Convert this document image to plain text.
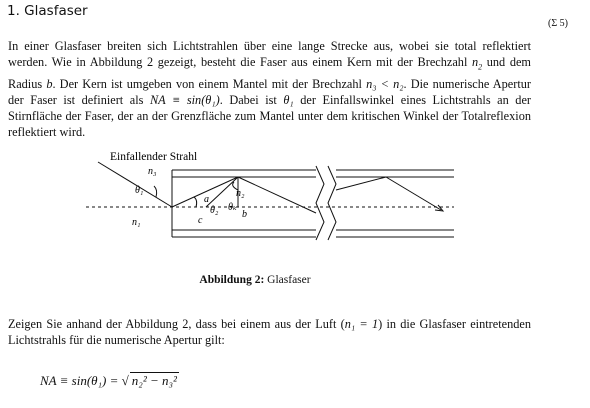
1. Glasfaser
(Σ 5)
In einer Glasfaser breiten sich Lichtstrahlen über eine lange Strecke aus, wobei sie total reflektiert werden. Wie in Abbildung 2 gezeigt, besteht die Faser aus einem Kern mit der Brechzahl $n_2$ und dem Radius b. Der Kern ist umgeben von einem Mantel mit der Brechzahl n₃ < n₂. Die numerische Apertur der Faser ist definiert als NA ≡ sin(θ₁). Dabei ist θ₁ der Einfallswinkel eines Lichtstrahls an der Stirnfläche der Faser, der an der Grenzfläche zum Mantel unter dem kritischen Winkel der Totalreflexion reflektiert wird.
Einfallender Strahl
n₃
n₂
n₁
θ₁
θ₂ θₖ
a
b
c
Abbildung 2: Glasfaser
Zeigen Sie anhand der Abbildung 2, dass bei einem aus der Luft (n₁ = 1) in die Glasfaser eintretenden Lichtstrahls für die numerische Apertur gilt:
NA ≡ sin(θ₁) = √ n₂² − n₃²
